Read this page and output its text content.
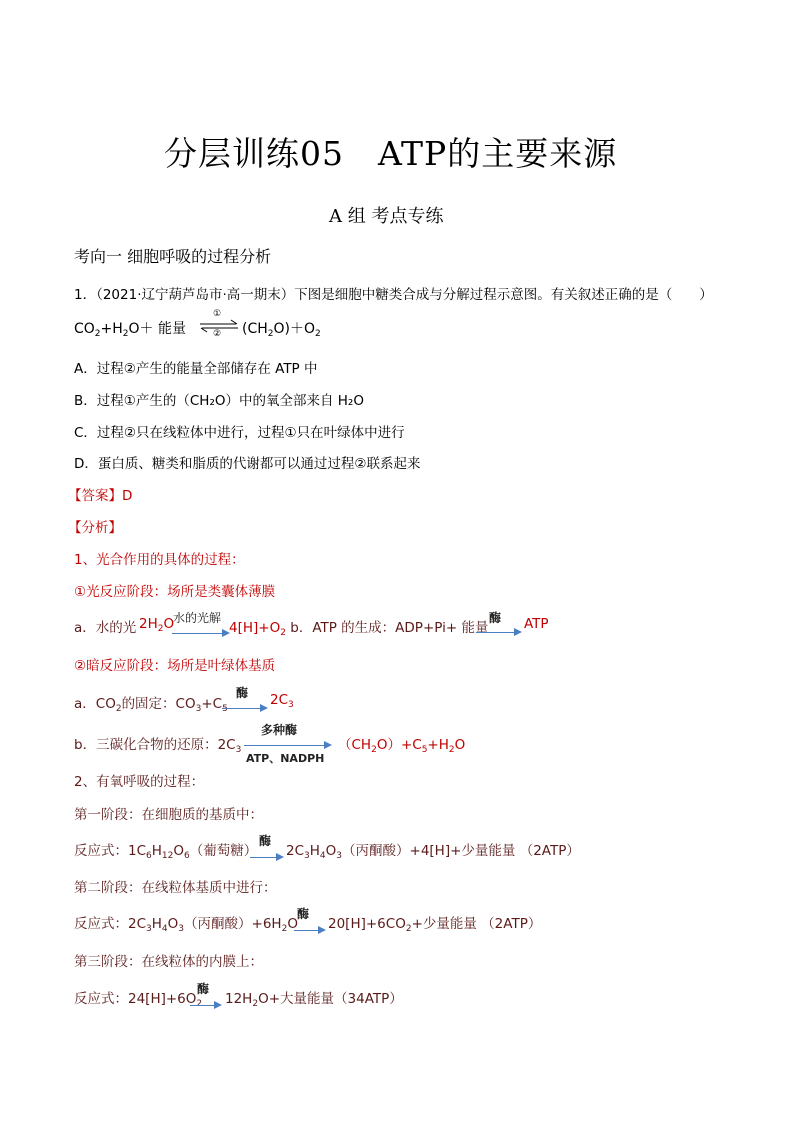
分层训练05　ATP的主要来源
A 组 考点专练
考向一 细胞呼吸的过程分析
1．（2021·辽宁葫芦岛市·高一期末）下图是细胞中糖类合成与分解过程示意图。有关叙述正确的是（　　）
$CO_2+H_2O+$ 能量
①
② $(CH_2O)+O_2$
A．过程②产生的能量全部储存在 ATP 中
B．过程①产生的（CH₂O）中的氧全部来自 H₂O
C．过程②只在线粒体中进行，过程①只在叶绿体中进行
D．蛋白质、糖类和脂质的代谢都可以通过过程②联系起来
【答案】D
【分析】
1、光合作用的具体的过程：
①光反应阶段：场所是类囊体薄膜
a．水的光 $2H_2O$
水的光解
$4[H]+O_2$ b．ATP 的生成：ADP+Pi+ 能量
酶 ATP
②暗反应阶段：场所是叶绿体基质
a．$CO_2$的固定：$CO_3+C_5$
酶 $2C_3$
b．三碳化合物的还原：$2C_3$
多种酶
ATP、NADPH
$(CH_2O)+C_5+H_2O$
2、有氧呼吸的过程：
第一阶段：在细胞质的基质中：
反应式：$1C_6H_{12}O_6$（葡萄糖）
酶
$2C_3H_4O_3$（丙酮酸）+4[H]+少量能量 （2ATP）
第二阶段：在线粒体基质中进行：
反应式：$2C_3H_4O_3$（丙酮酸）$+6H_2O$
酶
$20[H]+6CO_2+$少量能量 （2ATP）
第三阶段：在线粒体的内膜上：
反应式：$24[H]+6O_2$
酶
$12H_2O+$大量能量（34ATP）
